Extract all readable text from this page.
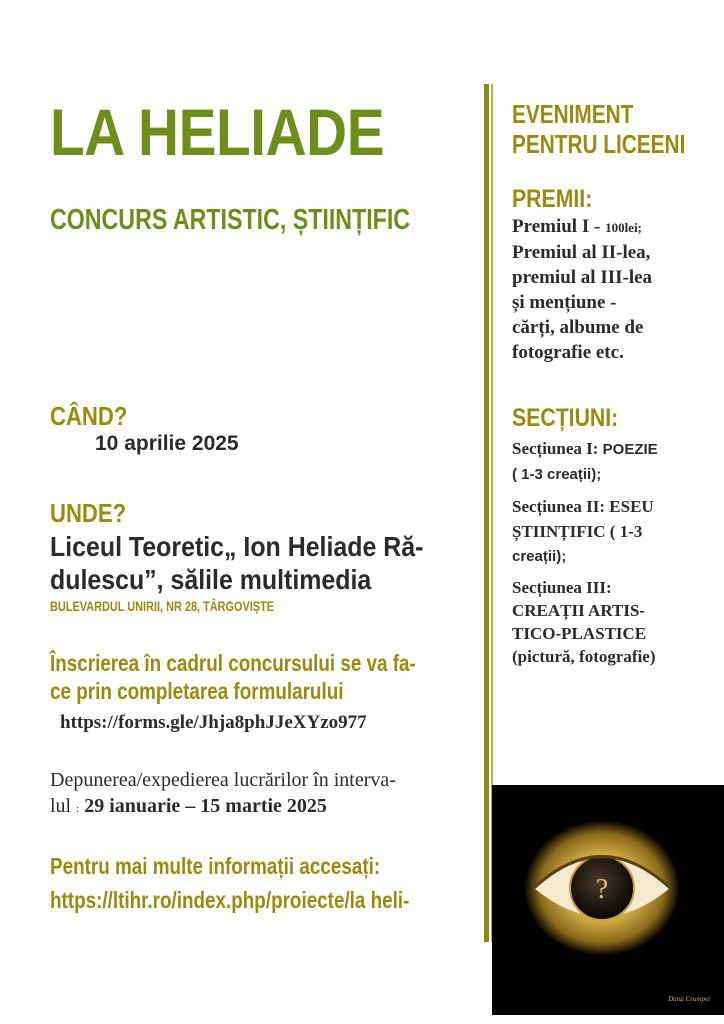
LA HELIADE
CONCURS ARTISTIC, ȘTIINȚIFIC
CÂND?
10 aprilie 2025
UNDE?
Liceul Teoretic„ Ion Heliade Ră-
dulescu”, sălile multimedia
BULEVARDUL UNIRII, NR 28, TÂRGOVIȘTE
Înscrierea în cadrul concursului se va fa-
ce prin completarea formularului
https://forms.gle/Jhja8phJJeXYzo977
Depunerea/expedierea lucrărilor în interva-
lul : 29 ianuarie – 15 martie 2025
Pentru mai multe informații accesați:
https://ltihr.ro/index.php/proiecte/la heli-
EVENIMENT
PENTRU LICEENI
PREMII:
Premiul I - 100lei;
Premiul al II-lea,
premiul al III-lea
și mențiune -
cărți, albume de
fotografie etc.
SECȚIUNI:
Secțiunea I: POEZIE
( 1-3 creații);
Secțiunea II: ESEU
ȘTIINȚIFIC ( 1-3
creații);
Secțiunea III:
CREAȚII ARTIS-
TICO-PLASTICE
(pictură, fotografie)
?
Dana Crumpei
